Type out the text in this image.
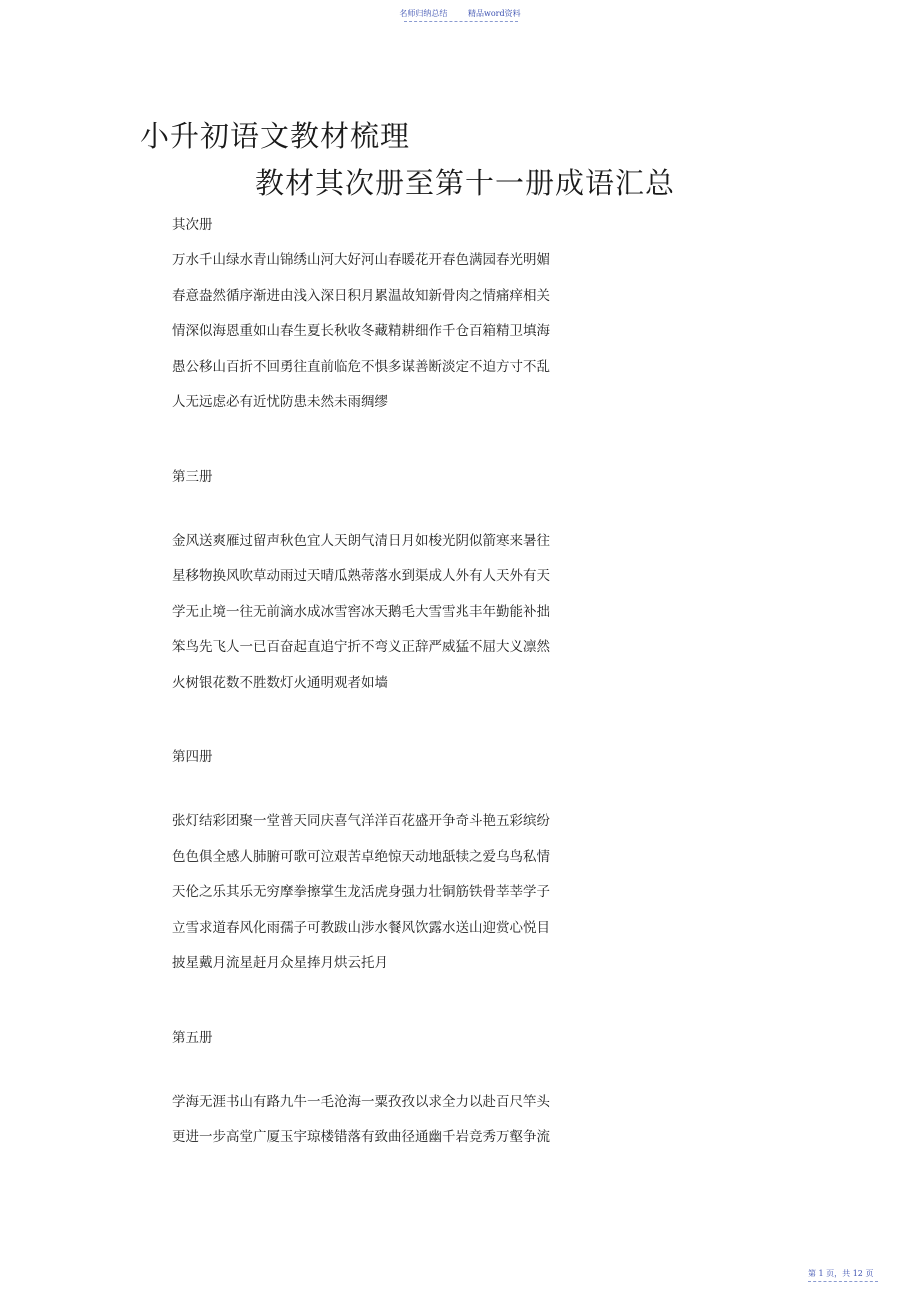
名师归纳总结	精品word资料
小升初语文教材梳理
教材其次册至第十一册成语汇总
其次册
万水千山绿水青山锦绣山河大好河山春暖花开春色满园春光明媚
春意盎然循序渐进由浅入深日积月累温故知新骨肉之情痛痒相关
情深似海恩重如山春生夏长秋收冬藏精耕细作千仓百箱精卫填海
愚公移山百折不回勇往直前临危不惧多谋善断淡定不迫方寸不乱
人无远虑必有近忧防患未然未雨绸缪
第三册
金风送爽雁过留声秋色宜人天朗气清日月如梭光阴似箭寒来暑往
星移物换风吹草动雨过天晴瓜熟蒂落水到渠成人外有人天外有天
学无止境一往无前滴水成冰雪窖冰天鹅毛大雪雪兆丰年勤能补拙
笨鸟先飞人一已百奋起直追宁折不弯义正辞严威猛不屈大义凛然
火树银花数不胜数灯火通明观者如墙
第四册
张灯结彩团聚一堂普天同庆喜气洋洋百花盛开争奇斗艳五彩缤纷
色色俱全感人肺腑可歌可泣艰苦卓绝惊天动地舐犊之爱乌鸟私情
天伦之乐其乐无穷摩拳擦掌生龙活虎身强力壮铜筋铁骨莘莘学子
立雪求道春风化雨孺子可教跋山涉水餐风饮露水送山迎赏心悦目
披星戴月流星赶月众星捧月烘云托月
第五册
学海无涯书山有路九牛一毛沧海一粟孜孜以求全力以赴百尺竿头
更进一步高堂广厦玉宇琼楼错落有致曲径通幽千岩竞秀万壑争流
第 1 页，共 12 页
